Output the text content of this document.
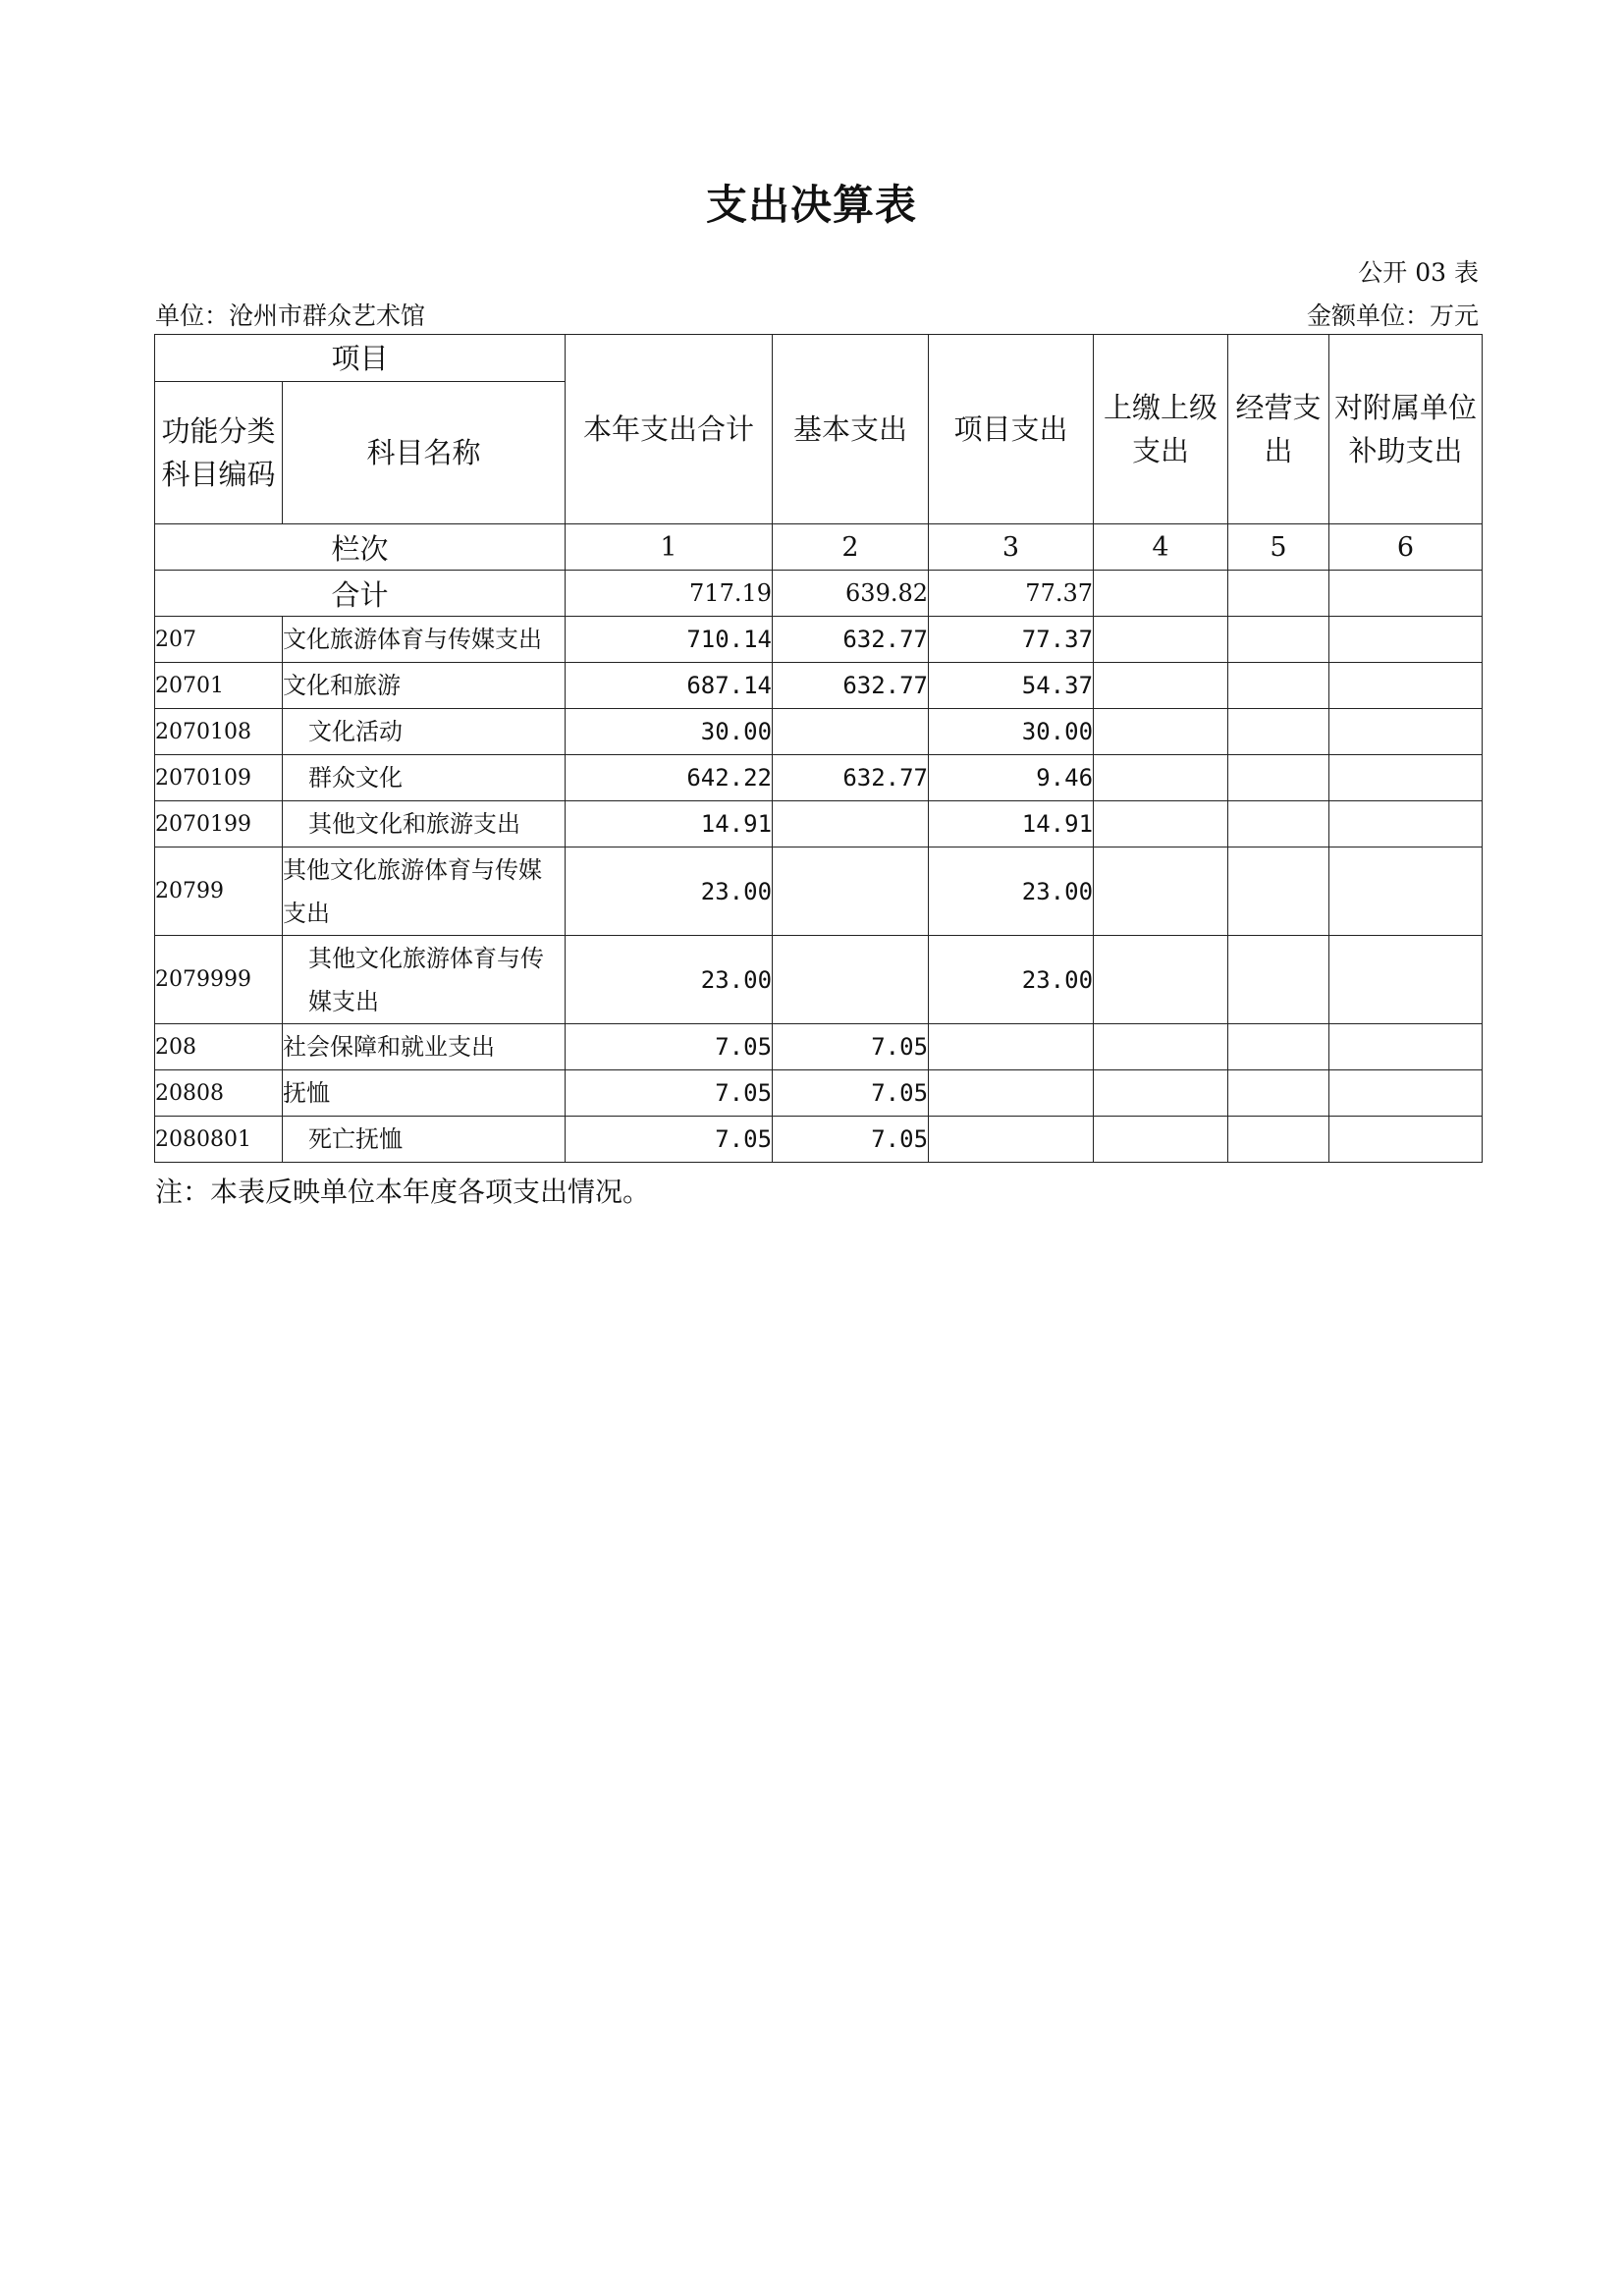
支出决算表
公开 03 表
单位：沧州市群众艺术馆	金额单位：万元
项目		本年支出合计	基本支出	项目支出	上缴上级支出	经营支出	对附属单位补助支出
功能分类科目编码	科目名称						
栏次		1	2	3	4	5	6
合计		717.19	639.82	77.37			
207	文化旅游体育与传媒支出	710.14	632.77	77.37			
20701	文化和旅游	687.14	632.77	54.37			
2070108	文化活动	30.00		30.00			
2070109	群众文化	642.22	632.77	9.46			
2070199	其他文化和旅游支出	14.91		14.91			
20799	其他文化旅游体育与传媒支出	23.00		23.00			
2079999	其他文化旅游体育与传媒支出	23.00		23.00			
208	社会保障和就业支出	7.05	7.05				
20808	抚恤	7.05	7.05				
2080801	死亡抚恤	7.05	7.05				
注：本表反映单位本年度各项支出情况。
